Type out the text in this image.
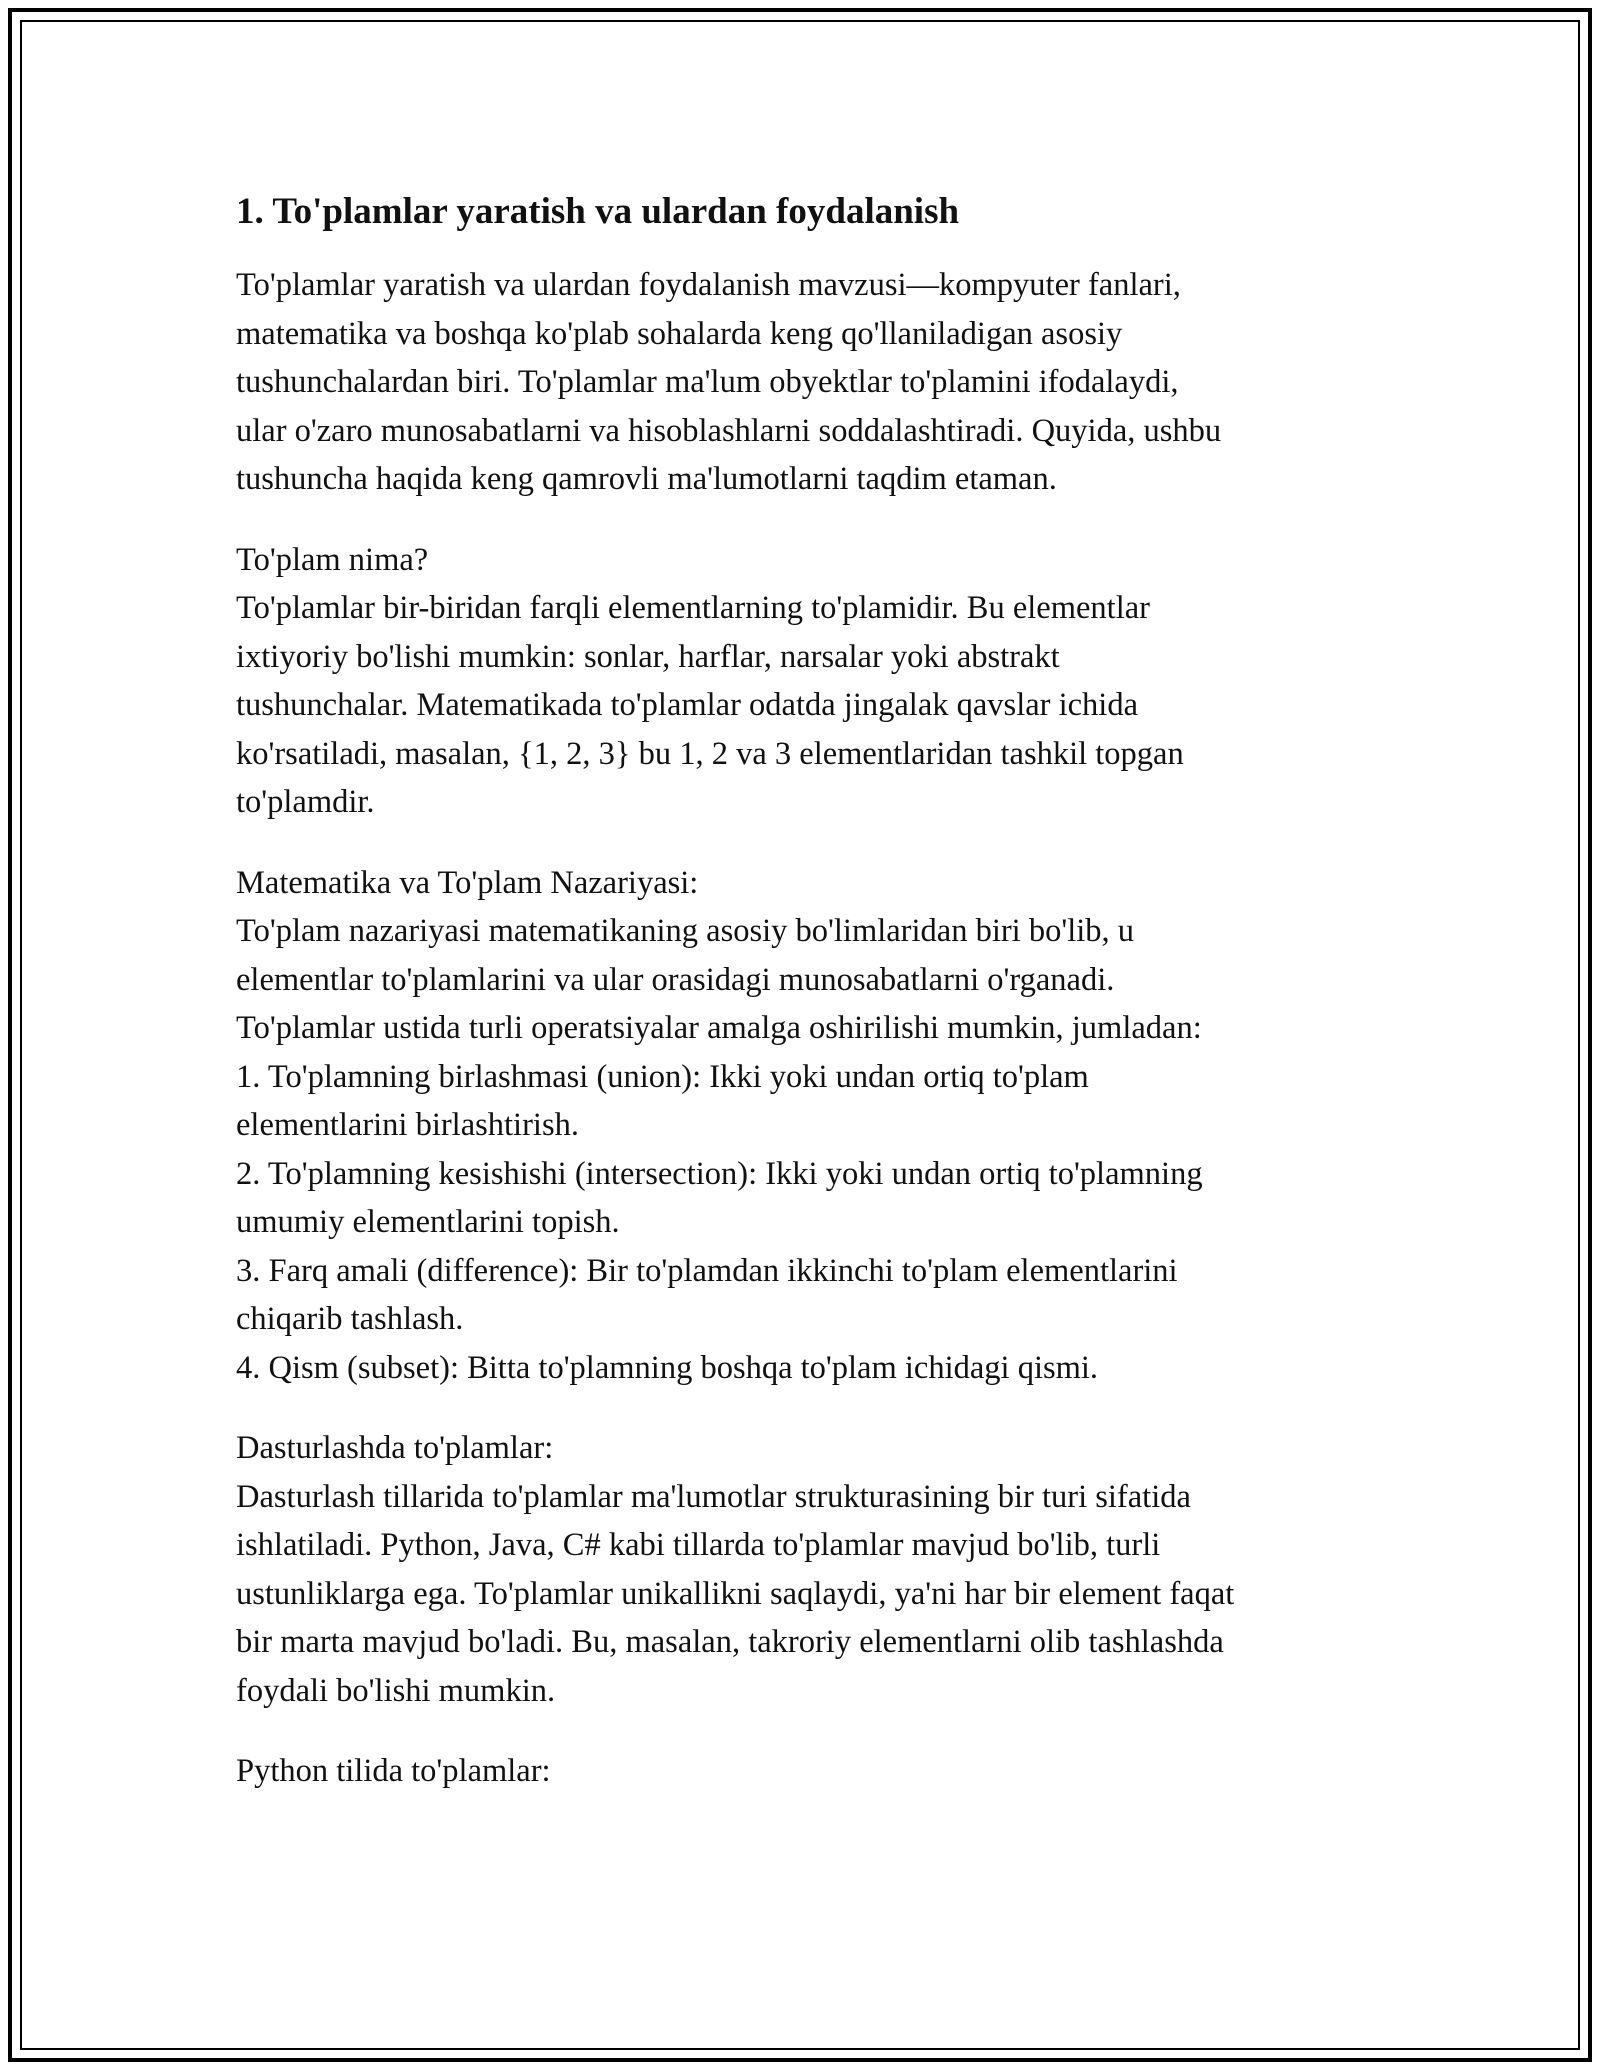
1. To'plamlar yaratish va ulardan foydalanish
To'plamlar yaratish va ulardan foydalanish mavzusi—kompyuter fanlari,
matematika va boshqa ko'plab sohalarda keng qo'llaniladigan asosiy
tushunchalardan biri. To'plamlar ma'lum obyektlar to'plamini ifodalaydi,
ular o'zaro munosabatlarni va hisoblashlarni soddalashtiradi. Quyida, ushbu
tushuncha haqida keng qamrovli ma'lumotlarni taqdim etaman.
To'plam nima?
To'plamlar bir-biridan farqli elementlarning to'plamidir. Bu elementlar
ixtiyoriy bo'lishi mumkin: sonlar, harflar, narsalar yoki abstrakt
tushunchalar. Matematikada to'plamlar odatda jingalak qavslar ichida
ko'rsatiladi, masalan, {1, 2, 3} bu 1, 2 va 3 elementlaridan tashkil topgan
to'plamdir.
Matematika va To'plam Nazariyasi:
To'plam nazariyasi matematikaning asosiy bo'limlaridan biri bo'lib, u
elementlar to'plamlarini va ular orasidagi munosabatlarni o'rganadi.
To'plamlar ustida turli operatsiyalar amalga oshirilishi mumkin, jumladan:
1. To'plamning birlashmasi (union): Ikki yoki undan ortiq to'plam
elementlarini birlashtirish.
2. To'plamning kesishishi (intersection): Ikki yoki undan ortiq to'plamning
umumiy elementlarini topish.
3. Farq amali (difference): Bir to'plamdan ikkinchi to'plam elementlarini
chiqarib tashlash.
4. Qism (subset): Bitta to'plamning boshqa to'plam ichidagi qismi.
Dasturlashda to'plamlar:
Dasturlash tillarida to'plamlar ma'lumotlar strukturasining bir turi sifatida
ishlatiladi. Python, Java, C# kabi tillarda to'plamlar mavjud bo'lib, turli
ustunliklarga ega. To'plamlar unikallikni saqlaydi, ya'ni har bir element faqat
bir marta mavjud bo'ladi. Bu, masalan, takroriy elementlarni olib tashlashda
foydali bo'lishi mumkin.
Python tilida to'plamlar:
